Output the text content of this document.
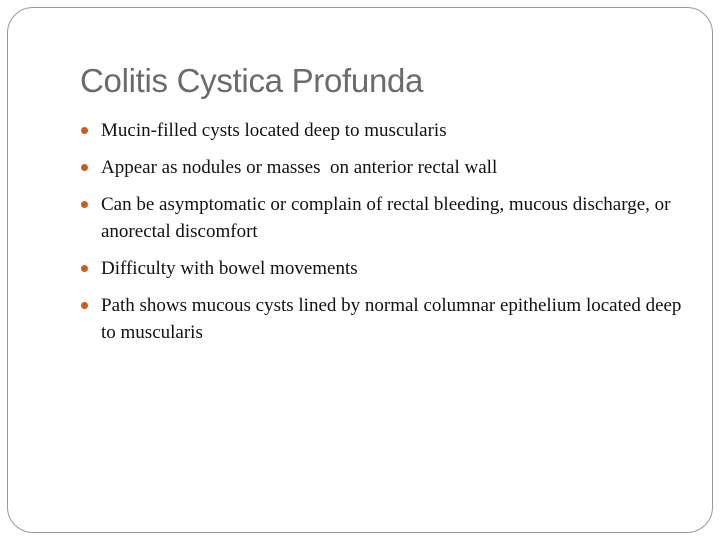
Colitis Cystica Profunda
Mucin-filled cysts located deep to muscularis
Appear as nodules or masses  on anterior rectal wall
Can be asymptomatic or complain of rectal bleeding, mucous discharge, or anorectal discomfort
Difficulty with bowel movements
Path shows mucous cysts lined by normal columnar epithelium located deep to muscularis
